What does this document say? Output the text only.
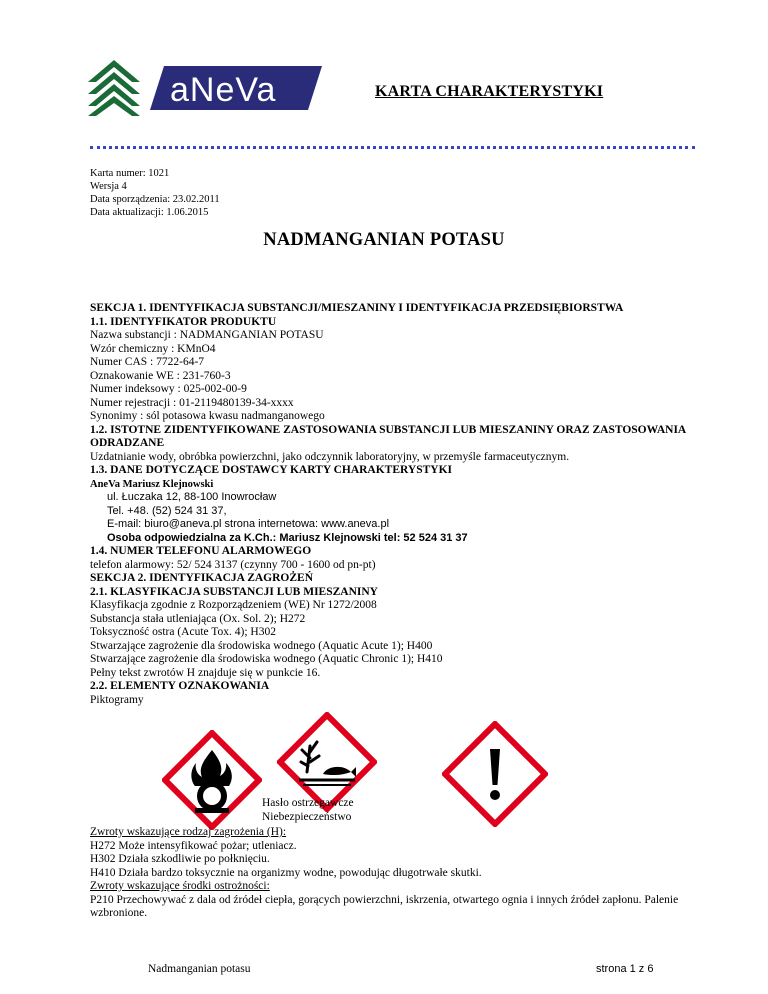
aNeVa	KARTA CHARAKTERYSTYKI
Karta numer: 1021
Wersja 4
Data sporządzenia: 23.02.2011
Data aktualizacji: 1.06.2015
NADMANGANIAN POTASU

SEKCJA 1. IDENTYFIKACJA SUBSTANCJI/MIESZANINY I IDENTYFIKACJA PRZEDSIĘBIORSTWA

1.1. IDENTYFIKATOR PRODUKTU

Nazwa substancji : NADMANGANIAN POTASU

Wzór chemiczny : KMnO4

Numer CAS : 7722-64-7

Oznakowanie WE : 231-760-3

Numer indeksowy : 025-002-00-9

Numer rejestracji : 01-2119480139-34-xxxx

Synonimy : sól potasowa kwasu nadmanganowego

1.2. ISTOTNE ZIDENTYFIKOWANE ZASTOSOWANIA SUBSTANCJI LUB MIESZANINY ORAZ ZASTOSOWANIA ODRADZANE

Uzdatnianie wody, obróbka powierzchni, jako odczynnik laboratoryjny, w przemyśle farmaceutycznym.

1.3. DANE DOTYCZĄCE DOSTAWCY KARTY CHARAKTERYSTYKI

AneVa Mariusz Klejnowski

ul. Łuczaka 12, 88-100 Inowrocław

Tel. +48. (52) 524 31 37,

E-mail: biuro@aneva.pl strona internetowa: www.aneva.pl

Osoba odpowiedzialna za K.Ch.: Mariusz Klejnowski tel: 52 524 31 37

1.4. NUMER TELEFONU ALARMOWEGO

telefon alarmowy: 52/ 524 3137 (czynny 700 - 1600 od pn-pt)

SEKCJA 2. IDENTYFIKACJA ZAGROŻEŃ

2.1. KLASYFIKACJA SUBSTANCJI LUB MIESZANINY

Klasyfikacja zgodnie z Rozporządzeniem (WE) Nr 1272/2008

Substancja stała utleniająca (Ox. Sol. 2); H272

Toksyczność ostra (Acute Tox. 4); H302

Stwarzające zagrożenie dla środowiska wodnego (Aquatic Acute 1); H400

Stwarzające zagrożenie dla środowiska wodnego (Aquatic Chronic 1); H410

Pełny tekst zwrotów H znajduje się w punkcie 16.

2.2. ELEMENTY OZNAKOWANIA

Piktogramy

Hasło ostrzegawcze

Niebezpieczeństwo

Zwroty wskazujące rodzaj zagrożenia (H):

H272 Może intensyfikować pożar; utleniacz.

H302 Działa szkodliwie po połknięciu.

H410 Działa bardzo toksycznie na organizmy wodne, powodując długotrwałe skutki.

Zwroty wskazujące środki ostrożności:

P210 Przechowywać z dala od źródeł ciepła, gorących powierzchni, iskrzenia, otwartego ognia i innych źródeł zapłonu. Palenie wzbronione.

Nadmanganian potasu	strona 1 z 6
